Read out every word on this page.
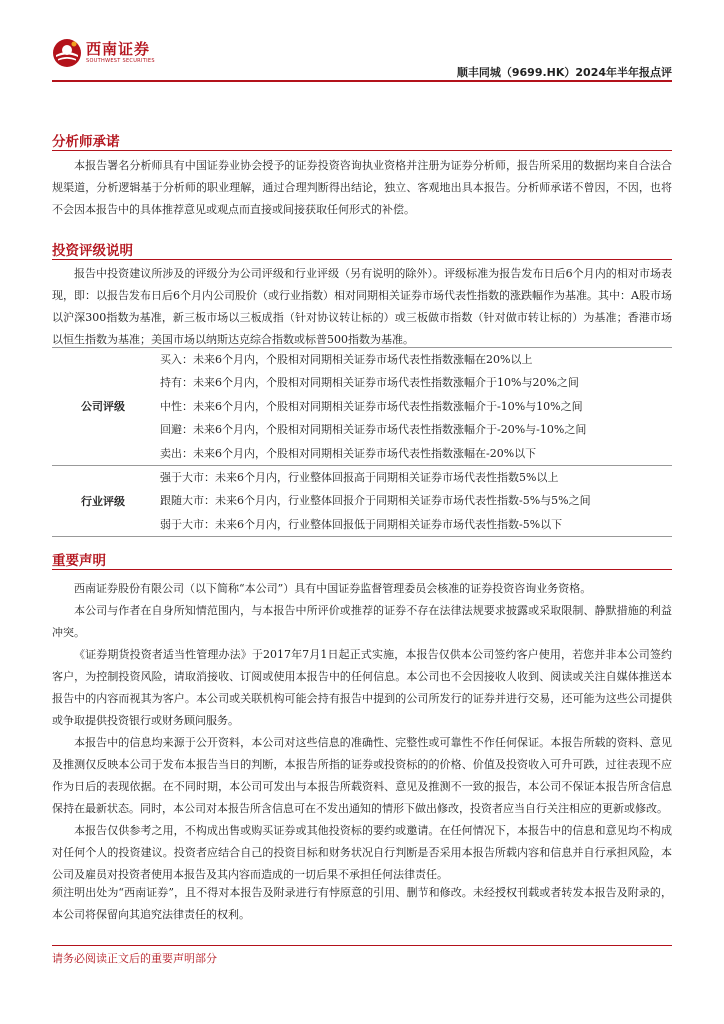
西南证券
SOUTHWEST SECURITIES
顺丰同城（9699.HK）2024年半年报点评
分析师承诺

本报告署名分析师具有中国证券业协会授予的证券投资咨询执业资格并注册为证券分析师，报告所采用的数据均来自合法合规渠道，分析逻辑基于分析师的职业理解，通过合理判断得出结论，独立、客观地出具本报告。分析师承诺不曾因，不因，也将不会因本报告中的具体推荐意见或观点而直接或间接获取任何形式的补偿。

投资评级说明

报告中投资建议所涉及的评级分为公司评级和行业评级（另有说明的除外）。评级标准为报告发布日后6个月内的相对市场表现，即：以报告发布日后6个月内公司股价（或行业指数）相对同期相关证券市场代表性指数的涨跌幅作为基准。其中：A股市场以沪深300指数为基准，新三板市场以三板成指（针对协议转让标的）或三板做市指数（针对做市转让标的）为基准；香港市场以恒生指数为基准；美国市场以纳斯达克综合指数或标普500指数为基准。

公司评级
买入：未来6个月内，个股相对同期相关证券市场代表性指数涨幅在20%以上
持有：未来6个月内，个股相对同期相关证券市场代表性指数涨幅介于10%与20%之间
中性：未来6个月内，个股相对同期相关证券市场代表性指数涨幅介于-10%与10%之间
回避：未来6个月内，个股相对同期相关证券市场代表性指数涨幅介于-20%与-10%之间
卖出：未来6个月内，个股相对同期相关证券市场代表性指数涨幅在-20%以下
行业评级
强于大市：未来6个月内，行业整体回报高于同期相关证券市场代表性指数5%以上
跟随大市：未来6个月内，行业整体回报介于同期相关证券市场代表性指数-5%与5%之间
弱于大市：未来6个月内，行业整体回报低于同期相关证券市场代表性指数-5%以下
重要声明

西南证券股份有限公司（以下简称“本公司”）具有中国证券监督管理委员会核准的证券投资咨询业务资格。

本公司与作者在自身所知情范围内，与本报告中所评价或推荐的证券不存在法律法规要求披露或采取限制、静默措施的利益冲突。

《证券期货投资者适当性管理办法》于2017年7月1日起正式实施，本报告仅供本公司签约客户使用，若您并非本公司签约客户，为控制投资风险，请取消接收、订阅或使用本报告中的任何信息。本公司也不会因接收人收到、阅读或关注自媒体推送本报告中的内容而视其为客户。本公司或关联机构可能会持有报告中提到的公司所发行的证券并进行交易，还可能为这些公司提供或争取提供投资银行或财务顾问服务。

本报告中的信息均来源于公开资料，本公司对这些信息的准确性、完整性或可靠性不作任何保证。本报告所载的资料、意见及推测仅反映本公司于发布本报告当日的判断，本报告所指的证券或投资标的的价格、价值及投资收入可升可跌，过往表现不应作为日后的表现依据。在不同时期，本公司可发出与本报告所载资料、意见及推测不一致的报告，本公司不保证本报告所含信息保持在最新状态。同时，本公司对本报告所含信息可在不发出通知的情形下做出修改，投资者应当自行关注相应的更新或修改。

本报告仅供参考之用，不构成出售或购买证券或其他投资标的要约或邀请。在任何情况下，本报告中的信息和意见均不构成对任何个人的投资建议。投资者应结合自己的投资目标和财务状况自行判断是否采用本报告所载内容和信息并自行承担风险，本公司及雇员对投资者使用本报告及其内容而造成的一切后果不承担任何法律责任。

须注明出处为“西南证券”，且不得对本报告及附录进行有悖原意的引用、删节和修改。未经授权刊载或者转发本报告及附录的，本公司将保留向其追究法律责任的权利。

请务必阅读正文后的重要声明部分
